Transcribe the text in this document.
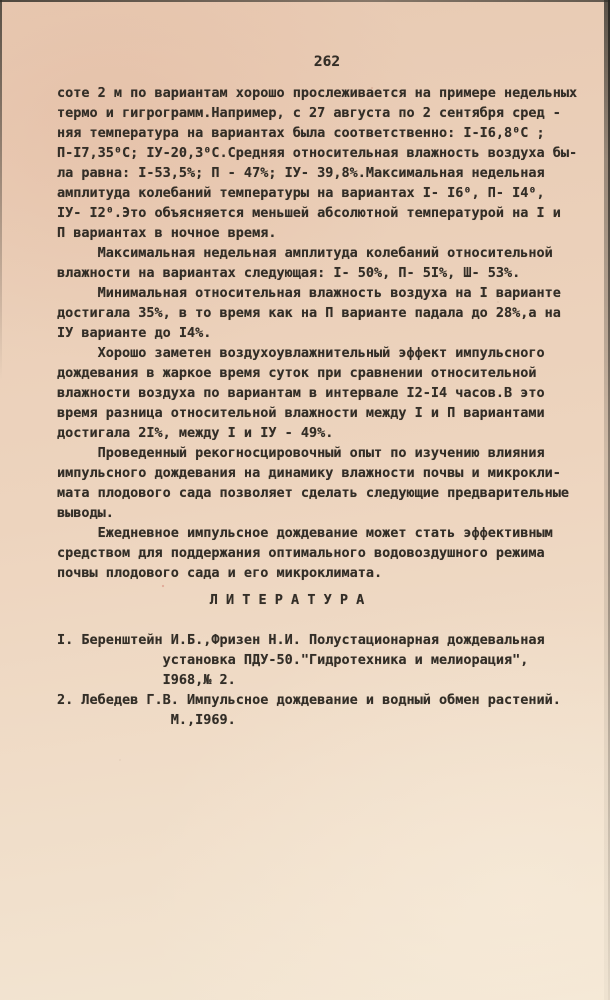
262
соте 2 м по вариантам хорошо прослеживается на примере недельных
термо и гигрограмм.Например, с 27 августа по 2 сентября сред -
няя температура на вариантах была соответственно: I-I6,8⁰С ;
П-I7,35⁰С; IУ-20,3⁰С.Средняя относительная влажность воздуха бы-
ла равна: I-53,5%; П - 47%; IУ- 39,8%.Максимальная недельная
амплитуда колебаний температуры на вариантах I- I6⁰, П- I4⁰,
IУ- I2⁰.Это объясняется меньшей абсолютной температурой на I и
П вариантах в ночное время.
Максимальная недельная амплитуда колебаний относительной
влажности на вариантах следующая: I- 50%, П- 5I%, Ш- 53%.
Минимальная относительная влажность воздуха на I варианте
достигала 35%, в то время как на П варианте падала до 28%,а на
IУ варианте до I4%.
Хорошо заметен воздухоувлажнительный эффект импульсного
дождевания в жаркое время суток при сравнении относительной
влажности воздуха по вариантам в интервале I2-I4 часов.В это
время разница относительной влажности между I и П вариантами
достигала 2I%, между I и IУ - 49%.
Проведенный рекогносцировочный опыт по изучению влияния
импульсного дождевания на динамику влажности почвы и микрокли-
мата плодового сада позволяет сделать следующие предварительные
выводы.
Ежедневное импульсное дождевание может стать эффективным
средством для поддержания оптимального водовоздушного режима
почвы плодового сада и его микроклимата.
Л И Т Е Р А Т У Р А
I. Беренштейн И.Б.,Фризен Н.И. Полустационарная дождевальная
установка ПДУ-50."Гидротехника и мелиорация",
I968,№ 2.
2. Лебедев Г.В. Импульсное дождевание и водный обмен растений.
М.,I969.
